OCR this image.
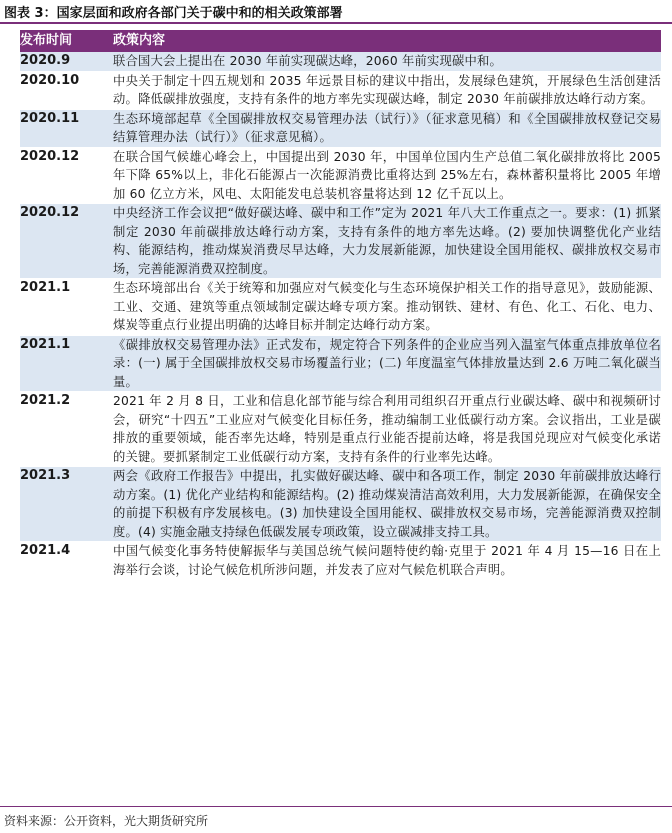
图表 3：国家层面和政府各部门关于碳中和的相关政策部署
发布时间	政策内容
2020.9	联合国大会上提出在 2030 年前实现碳达峰，2060 年前实现碳中和。
2020.10	中央关于制定十四五规划和 2035 年远景目标的建议中指出，发展绿色建筑，开展绿色生活创建活动。降低碳排放强度，支持有条件的地方率先实现碳达峰，制定 2030 年前碳排放达峰行动方案。
2020.11	生态环境部起草《全国碳排放权交易管理办法（试行）》（征求意见稿）和《全国碳排放权登记交易结算管理办法（试行）》（征求意见稿）。
2020.12	在联合国气候雄心峰会上，中国提出到 2030 年，中国单位国内生产总值二氧化碳排放将比 2005 年下降 65%以上，非化石能源占一次能源消费比重将达到 25%左右，森林蓄积量将比 2005 年增加 60 亿立方米，风电、太阳能发电总装机容量将达到 12 亿千瓦以上。
2020.12	中央经济工作会议把“做好碳达峰、碳中和工作”定为 2021 年八大工作重点之一。要求：(1) 抓紧制定 2030 年前碳排放达峰行动方案，支持有条件的地方率先达峰。(2) 要加快调整优化产业结构、能源结构，推动煤炭消费尽早达峰，大力发展新能源，加快建设全国用能权、碳排放权交易市场，完善能源消费双控制度。
2021.1	生态环境部出台《关于统筹和加强应对气候变化与生态环境保护相关工作的指导意见》，鼓励能源、工业、交通、建筑等重点领域制定碳达峰专项方案。推动钢铁、建材、有色、化工、石化、电力、煤炭等重点行业提出明确的达峰目标并制定达峰行动方案。
2021.1	《碳排放权交易管理办法》正式发布，规定符合下列条件的企业应当列入温室气体重点排放单位名录：(一) 属于全国碳排放权交易市场覆盖行业；(二) 年度温室气体排放量达到 2.6 万吨二氧化碳当量。
2021.2	2021 年 2 月 8 日，工业和信息化部节能与综合利用司组织召开重点行业碳达峰、碳中和视频研讨会，研究“十四五”工业应对气候变化目标任务，推动编制工业低碳行动方案。会议指出，工业是碳排放的重要领域，能否率先达峰，特别是重点行业能否提前达峰，将是我国兑现应对气候变化承诺的关键。要抓紧制定工业低碳行动方案，支持有条件的行业率先达峰。
2021.3	两会《政府工作报告》中提出，扎实做好碳达峰、碳中和各项工作，制定 2030 年前碳排放达峰行动方案。(1) 优化产业结构和能源结构。(2) 推动煤炭清洁高效利用，大力发展新能源，在确保安全的前提下积极有序发展核电。(3) 加快建设全国用能权、碳排放权交易市场，完善能源消费双控制度。(4) 实施金融支持绿色低碳发展专项政策，设立碳减排支持工具。
2021.4	中国气候变化事务特使解振华与美国总统气候问题特使约翰·克里于 2021 年 4 月 15—16 日在上海举行会谈，讨论气候危机所涉问题，并发表了应对气候危机联合声明。
资料来源：公开资料，光大期货研究所
